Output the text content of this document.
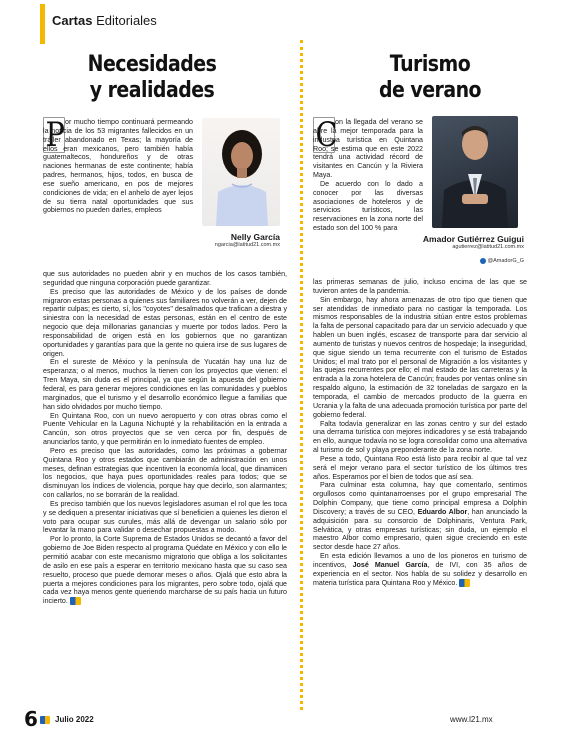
Cartas Editoriales
Necesidades
y realidades
Nelly García
ngarcia@latitud21.com.mx
P or mucho tiempo continuará permeando la noticia de los 53 migrantes fallecidos en un tráiler abandonado en Texas; la mayoría de ellos eran mexicanos, pero también había guatemaltecos, hondureños y de otras naciones hermanas de este continente; había padres, hermanos, hijos, todos, en busca de ese sueño americano, en pos de mejores condiciones de vida; en el anhelo de ayer lejos de su tierra natal oportunidades que sus gobiernos no pueden darles, empleos

que sus autoridades no pueden abrir y en muchos de los casos también, seguridad que ninguna corporación puede garantizar.

Es preciso que las autoridades de México y de los países de donde migraron estas personas a quienes sus familiares no volverán a ver, dejen de repartir culpas; es cierto, sí, los "coyotes" desalmados que trafican a diestra y siniestra con la necesidad de estas personas, están en el centro de este negocio que deja millonarias ganancias y muerte por todos lados. Pero la responsabilidad de origen está en los gobiernos que no garantizan oportunidades y garantías para que la gente no quiera irse de sus lugares de origen.

En el sureste de México y la península de Yucatán hay una luz de esperanza; o al menos, muchos la tienen con los proyectos que vienen: el Tren Maya, sin duda es el principal, ya que según la apuesta del gobierno federal, es para generar mejores condiciones en las comunidades y pueblos marginados, que el turismo y el desarrollo económico llegue a familias que han sido olvidados por mucho tiempo.

En Quintana Roo, con un nuevo aeropuerto y con otras obras como el Puente Vehicular en la Laguna Nichupté y la rehabilitación en la entrada a Cancún, son otros proyectos que se ven cerca por fin, después de anunciarlos tanto, y que permitirán en lo inmediato fuentes de empleo.

Pero es preciso que las autoridades, como las próximas a gobernar Quintana Roo y otros estados que cambiarán de administración en unos meses, definan estrategias que incentiven la economía local, que dinamicen los negocios, que haya pues oportunidades reales para todos; que se disminuyan los índices de violencia, porque hay que decirlo, son alarmantes; con callarlos, no se borrarán de la realidad.

Es preciso también que los nuevos legisladores asuman el rol que les toca y se dediquen a presentar iniciativas que sí beneficien a quienes les dieron el voto para ocupar sus curules, más allá de devengar un salario sólo por levantar la mano para validar o desechar propuestas a modo.

Por lo pronto, la Corte Suprema de Estados Unidos se decantó a favor del gobierno de Joe Biden respecto al programa Quédate en México y con ello le permitió acabar con este mecanismo migratorio que obliga a los solicitantes de asilo en ese país a esperar en territorio mexicano hasta que su caso sea resuelto, proceso que puede demorar meses o años. Ojalá que esto abra la puerta a mejores condiciones para los migrantes, pero sobre todo, ojalá que cada vez haya menos gente queriendo marcharse de su país hacia un futuro incierto.

Turismo
de verano
Amador Gutiérrez Guigui
agutierrez@latitud21.com.mx
@AmadorG_G
C

on la llegada del verano se abre la mejor temporada para la industria turística en Quintana Roo; se estima que en este 2022 tendrá una actividad récord de visitantes en Cancún y la Riviera Maya.

De acuerdo con lo dado a conocer por las diversas asociaciones de hoteleros y de servicios turísticos, las reservaciones en la zona norte del estado son del 100 % para

las primeras semanas de julio, incluso encima de las que se tuvieron antes de la pandemia.

Sin embargo, hay ahora amenazas de otro tipo que tienen que ser atendidas de inmediato para no castigar la temporada. Los mismos responsables de la industria sitúan entre estos problemas la falta de personal capacitado para dar un servicio adecuado y que hablen un buen inglés, escasez de transporte para dar servicio al aumento de turistas y nuevos centros de hospedaje; la inseguridad, que sigue siendo un tema recurrente con el turismo de Estados Unidos; el mal trato por el personal de Migración a los visitantes y las quejas recurrentes por ello; el mal estado de las carreteras y la entrada a la zona hotelera de Cancún; fraudes por ventas online sin respaldo alguno, la estimación de 32 toneladas de sargazo en la temporada, el cambio de mercados producto de la guerra en Ucrania y la falta de una adecuada promoción turística por parte del gobierno federal.

Falta todavía generalizar en las zonas centro y sur del estado una derrama turística con mejores indicadores y se está trabajando en ello, aunque todavía no se logra consolidar como una alternativa al turismo de sol y playa preponderante de la zona norte.

Pese a todo, Quintana Roo está listo para recibir al que tal vez será el mejor verano para el sector turístico de los últimos tres años. Esperamos por el bien de todos que así sea.

Para culminar esta columna, hay que comentarlo, sentirnos orgullosos como quintanarroenses por el grupo empresarial The Dolphin Company, que tiene como principal empresa a Dolphin Discovery; a través de su CEO, Eduardo Albor, han anunciado la adquisición para su consorcio de Dolphinaris, Ventura Park, Selvática, y otras empresas turísticas; sin duda, un ejemplo el maestro Albor como empresario, quien sigue creciendo en este sector desde hace 27 años.

En esta edición llevamos a uno de los pioneros en turismo de incentivos, José Manuel García, de IVI, con 35 años de experiencia en el sector. Nos habla de su solidez y desarrollo en materia turística para Quintana Roo y México.

6 Julio 2022	www.l21.mx
